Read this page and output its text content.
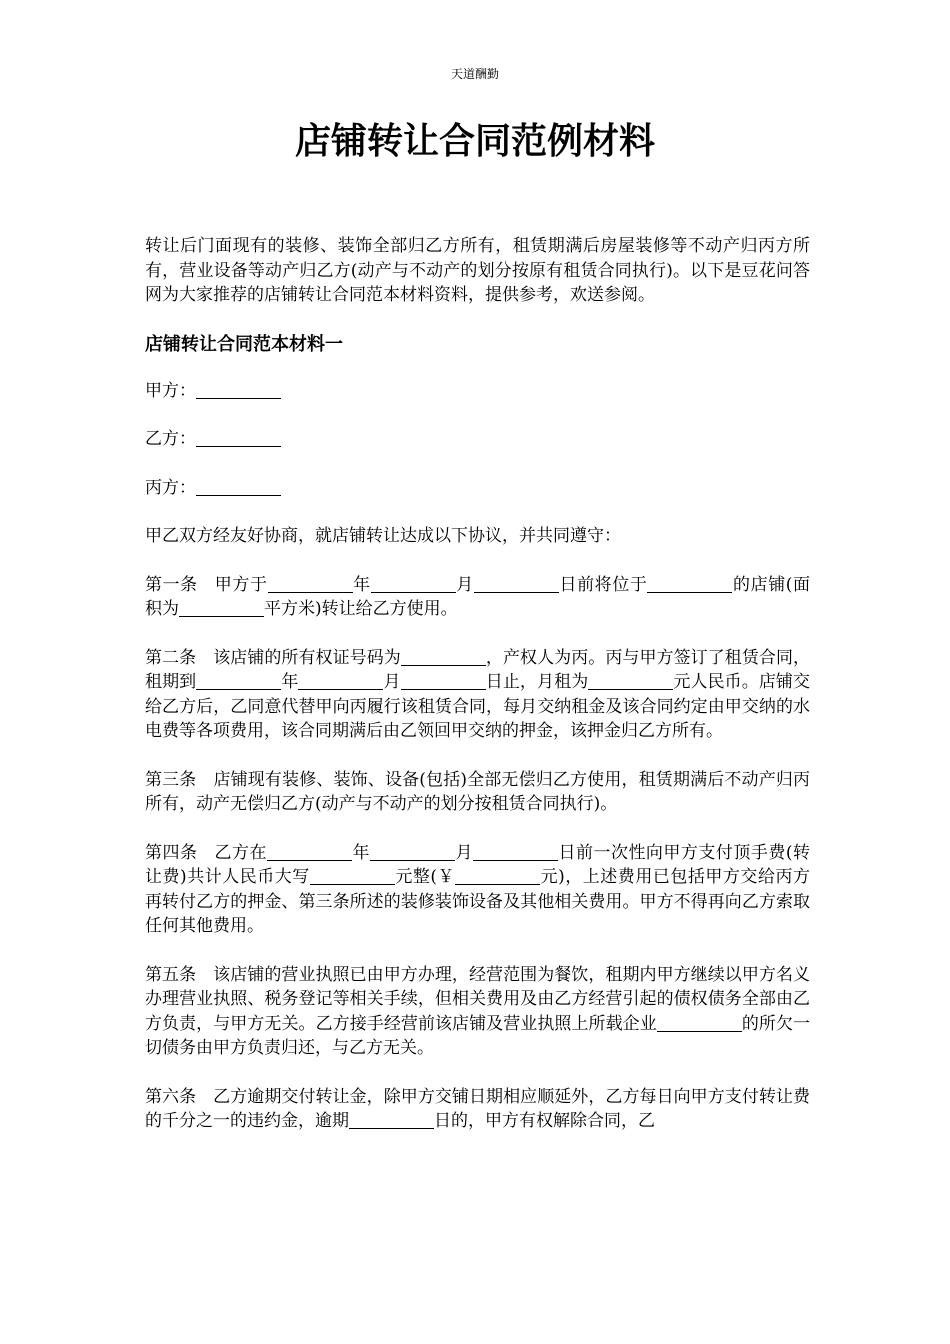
天道酬勤
店铺转让合同范例材料

转让后门面现有的装修、装饰全部归乙方所有，租赁期满后房屋装修等不动产归丙方所有，营业设备等动产归乙方(动产与不动产的划分按原有租赁合同执行)。以下是豆花问答网为大家推荐的店铺转让合同范本材料资料，提供参考，欢送参阅。

店铺转让合同范本材料一

甲方：

乙方：

丙方：

甲乙双方经友好协商，就店铺转让达成以下协议，并共同遵守：

第一条 甲方于	年	月	日前将位于	的店铺(面积为	平方米)转让给乙方使用。

第二条 该店铺的所有权证号码为	，产权人为丙。丙与甲方签订了租赁合同，租期到	年	月	日止，月租为	元人民币。店铺交给乙方后，乙同意代替甲向丙履行该租赁合同，每月交纳租金及该合同约定由甲交纳的水电费等各项费用，该合同期满后由乙领回甲交纳的押金，该押金归乙方所有。

第三条 店铺现有装修、装饰、设备(包括)全部无偿归乙方使用，租赁期满后不动产归丙所有，动产无偿归乙方(动产与不动产的划分按租赁合同执行)。

第四条 乙方在	年	月	日前一次性向甲方支付顶手费(转让费)共计人民币大写	元整(￥	元)，上述费用已包括甲方交给丙方再转付乙方的押金、第三条所述的装修装饰设备及其他相关费用。甲方不得再向乙方索取任何其他费用。

第五条 该店铺的营业执照已由甲方办理，经营范围为餐饮，租期内甲方继续以甲方名义办理营业执照、税务登记等相关手续，但相关费用及由乙方经营引起的债权债务全部由乙方负责，与甲方无关。乙方接手经营前该店铺及营业执照上所载企业	的所欠一切债务由甲方负责归还，与乙方无关。

第六条 乙方逾期交付转让金，除甲方交铺日期相应顺延外，乙方每日向甲方支付转让费的千分之一的违约金，逾期	日的，甲方有权解除合同，乙
